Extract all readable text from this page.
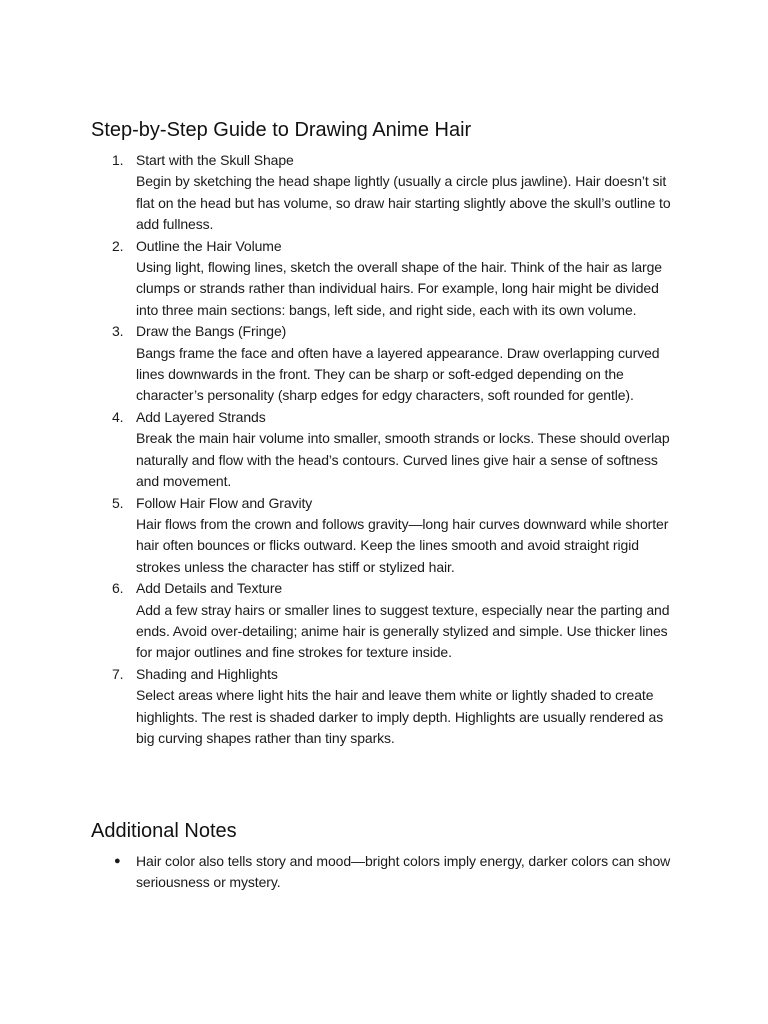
Step-by-Step Guide to Drawing Anime Hair
1. Start with the Skull Shape
Begin by sketching the head shape lightly (usually a circle plus jawline). Hair doesn’t sit flat on the head but has volume, so draw hair starting slightly above the skull’s outline to add fullness.
2. Outline the Hair Volume
Using light, flowing lines, sketch the overall shape of the hair. Think of the hair as large clumps or strands rather than individual hairs. For example, long hair might be divided into three main sections: bangs, left side, and right side, each with its own volume.
3. Draw the Bangs (Fringe)
Bangs frame the face and often have a layered appearance. Draw overlapping curved lines downwards in the front. They can be sharp or soft-edged depending on the character’s personality (sharp edges for edgy characters, soft rounded for gentle).
4. Add Layered Strands
Break the main hair volume into smaller, smooth strands or locks. These should overlap naturally and flow with the head’s contours. Curved lines give hair a sense of softness and movement.
5. Follow Hair Flow and Gravity
Hair flows from the crown and follows gravity—long hair curves downward while shorter hair often bounces or flicks outward. Keep the lines smooth and avoid straight rigid strokes unless the character has stiff or stylized hair.
6. Add Details and Texture
Add a few stray hairs or smaller lines to suggest texture, especially near the parting and ends. Avoid over-detailing; anime hair is generally stylized and simple. Use thicker lines for major outlines and fine strokes for texture inside.
7. Shading and Highlights
Select areas where light hits the hair and leave them white or lightly shaded to create highlights. The rest is shaded darker to imply depth. Highlights are usually rendered as big curving shapes rather than tiny sparks.
Additional Notes
● Hair color also tells story and mood—bright colors imply energy, darker colors can show seriousness or mystery.
